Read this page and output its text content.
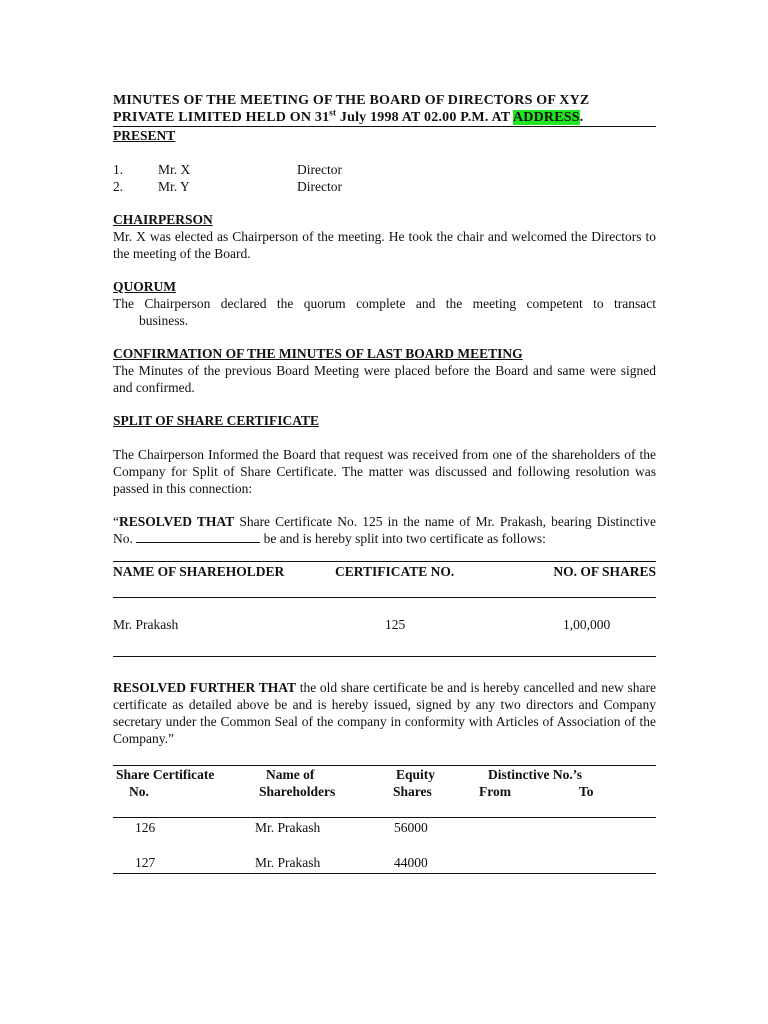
MINUTES OF THE MEETING OF THE BOARD OF DIRECTORS OF XYZ
PRIVATE LIMITED HELD ON 31st July 1998 AT 02.00 P.M. AT ADDRESS.
PRESENT
1.	Mr. X	Director
2.	Mr. Y	Director
CHAIRPERSON
Mr. X was elected as Chairperson of the meeting. He took the chair and welcomed the Directors to the meeting of the Board.
QUORUM
The Chairperson declared the quorum complete and the meeting competent to transact
business.
CONFIRMATION OF THE MINUTES OF LAST BOARD MEETING
The Minutes of the previous Board Meeting were placed before the Board and same were signed and confirmed.
SPLIT OF SHARE CERTIFICATE
The Chairperson Informed the Board that request was received from one of the shareholders of the Company for Split of Share Certificate. The matter was discussed and following resolution was passed in this connection:
“RESOLVED THAT Share Certificate No. 125 in the name of Mr. Prakash, bearing Distinctive No.	be and is hereby split into two certificate as follows:
NAME OF SHAREHOLDER	CERTIFICATE NO.	NO. OF SHARES
Mr. Prakash	125	1,00,000
RESOLVED FURTHER THAT the old share certificate be and is hereby cancelled and new share certificate as detailed above be and is hereby issued, signed by any two directors and Company secretary under the Common Seal of the company in conformity with Articles of Association of the Company.”
Share Certificate	Name of	Equity	Distinctive No.’s
No.	Shareholders	Shares	From	To
126	Mr. Prakash	56000
127	Mr. Prakash	44000
